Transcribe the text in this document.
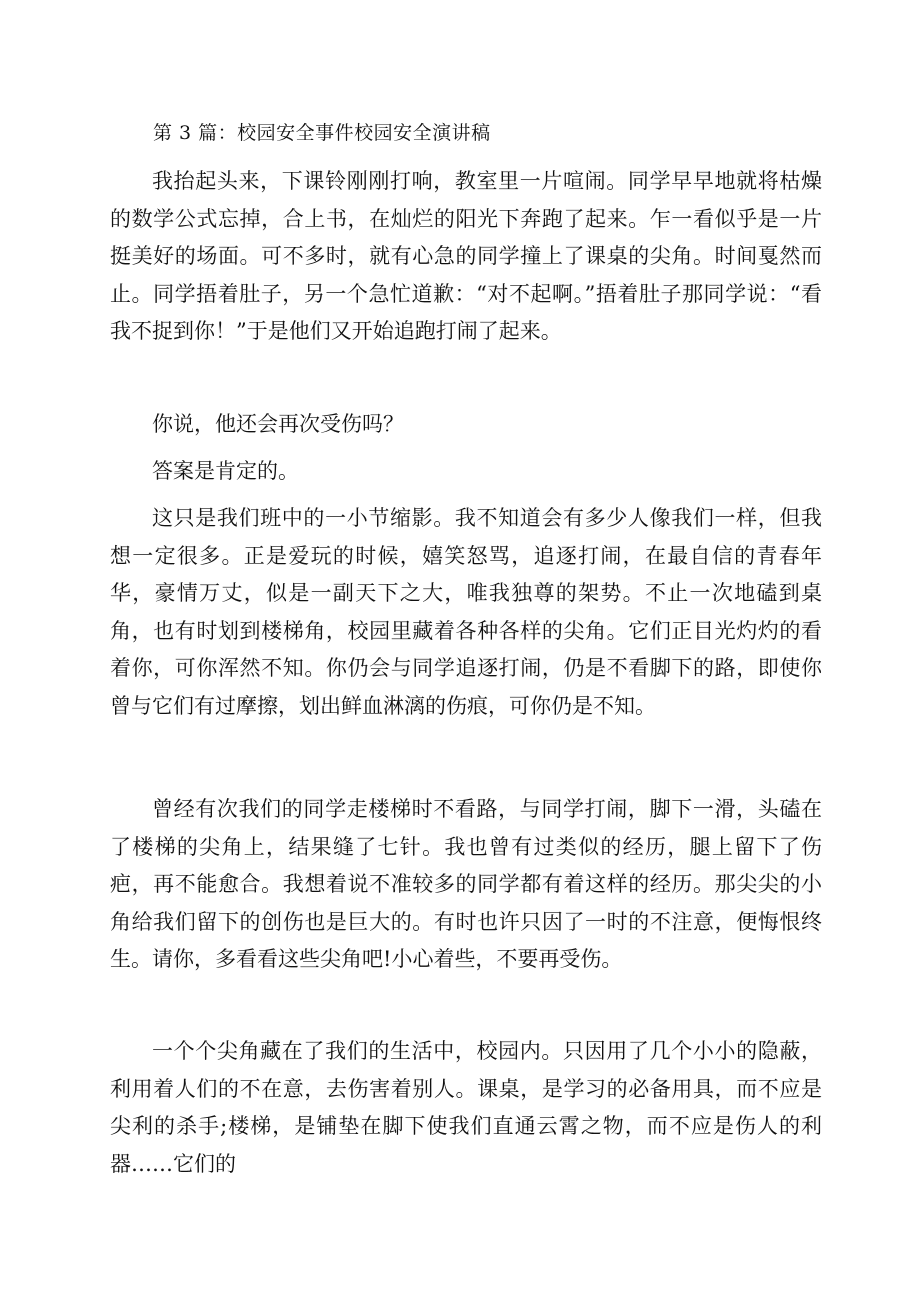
第 3 篇：校园安全事件校园安全演讲稿

我抬起头来，下课铃刚刚打响，教室里一片喧闹。同学早早地就将枯燥的数学公式忘掉，合上书，在灿烂的阳光下奔跑了起来。乍一看似乎是一片挺美好的场面。可不多时，就有心急的同学撞上了课桌的尖角。时间戛然而止。同学捂着肚子，另一个急忙道歉：“对不起啊。”捂着肚子那同学说：“看我不捉到你！”于是他们又开始追跑打闹了起来。

你说，他还会再次受伤吗？

答案是肯定的。

这只是我们班中的一小节缩影。我不知道会有多少人像我们一样，但我想一定很多。正是爱玩的时候，嬉笑怒骂，追逐打闹，在最自信的青春年华，豪情万丈，似是一副天下之大，唯我独尊的架势。不止一次地磕到桌角，也有时划到楼梯角，校园里藏着各种各样的尖角。它们正目光灼灼的看着你，可你浑然不知。你仍会与同学追逐打闹，仍是不看脚下的路，即使你曾与它们有过摩擦，划出鲜血淋漓的伤痕，可你仍是不知。

曾经有次我们的同学走楼梯时不看路，与同学打闹，脚下一滑，头磕在了楼梯的尖角上，结果缝了七针。我也曾有过类似的经历，腿上留下了伤疤，再不能愈合。我想着说不准较多的同学都有着这样的经历。那尖尖的小角给我们留下的创伤也是巨大的。有时也许只因了一时的不注意，便悔恨终生。请你，多看看这些尖角吧!小心着些，不要再受伤。

一个个尖角藏在了我们的生活中，校园内。只因用了几个小小的隐蔽，利用着人们的不在意，去伤害着别人。课桌，是学习的必备用具，而不应是尖利的杀手;楼梯，是铺垫在脚下使我们直通云霄之物，而不应是伤人的利器……它们的
